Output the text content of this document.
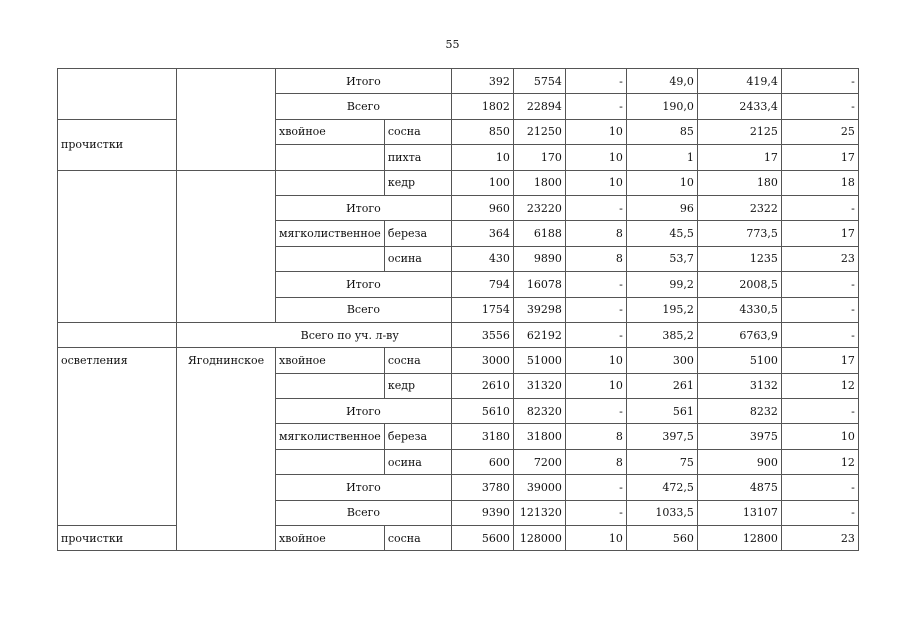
55
		Итого		392	5754	-	49,0	419,4	-
		Всего		1802	22894	-	190,0	2433,4	-
прочистки		хвойное	сосна	850	21250	10	85	2125	25
			пихта	10	170	10	1	17	17
			кедр	100	1800	10	10	180	18
		Итого		960	23220	-	96	2322	-
		мягколиственное	береза	364	6188	8	45,5	773,5	17
			осина	430	9890	8	53,7	1235	23
		Итого		794	16078	-	99,2	2008,5	-
		Всего		1754	39298	-	195,2	4330,5	-
	Всего по уч. л-ву			3556	62192	-	385,2	6763,9	-
осветления	Ягоднинское	хвойное	сосна	3000	51000	10	300	5100	17
			кедр	2610	31320	10	261	3132	12
		Итого		5610	82320	-	561	8232	-
		мягколиственное	береза	3180	31800	8	397,5	3975	10
			осина	600	7200	8	75	900	12
		Итого		3780	39000	-	472,5	4875	-
		Всего		9390	121320	-	1033,5	13107	-
прочистки		хвойное	сосна	5600	128000	10	560	12800	23
